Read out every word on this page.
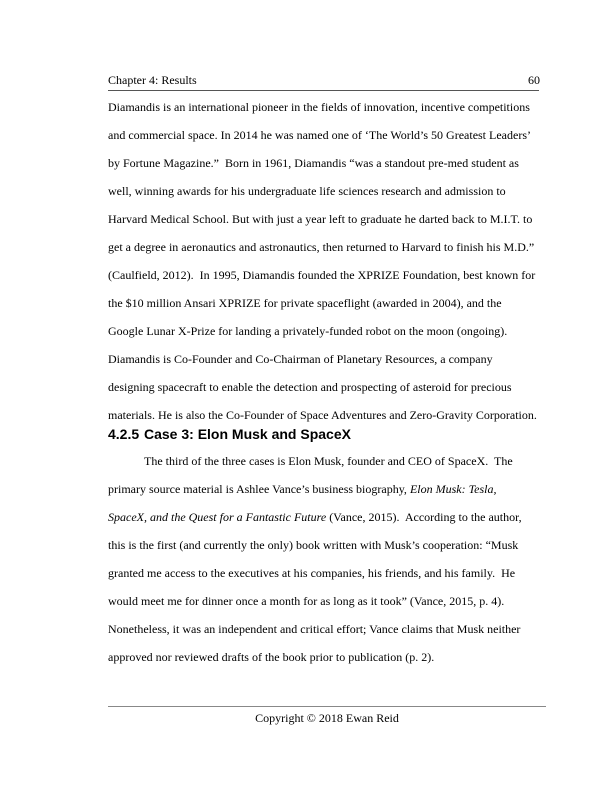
Chapter 4: Results	60
Diamandis is an international pioneer in the fields of innovation, incentive competitions
and commercial space. In 2014 he was named one of ‘The World’s 50 Greatest Leaders’
by Fortune Magazine.”  Born in 1961, Diamandis “was a standout pre-med student as
well, winning awards for his undergraduate life sciences research and admission to
Harvard Medical School. But with just a year left to graduate he darted back to M.I.T. to
get a degree in aeronautics and astronautics, then returned to Harvard to finish his M.D.”
(Caulfield, 2012).  In 1995, Diamandis founded the XPRIZE Foundation, best known for
the $10 million Ansari XPRIZE for private spaceflight (awarded in 2004), and the
Google Lunar X-Prize for landing a privately-funded robot on the moon (ongoing).
Diamandis is Co-Founder and Co-Chairman of Planetary Resources, a company
designing spacecraft to enable the detection and prospecting of asteroid for precious
materials. He is also the Co-Founder of Space Adventures and Zero-Gravity Corporation.
4.2.5 Case 3: Elon Musk and SpaceX
The third of the three cases is Elon Musk, founder and CEO of SpaceX.  The
primary source material is Ashlee Vance’s business biography, Elon Musk: Tesla,
SpaceX, and the Quest for a Fantastic Future (Vance, 2015).  According to the author,
this is the first (and currently the only) book written with Musk’s cooperation: “Musk
granted me access to the executives at his companies, his friends, and his family.  He
would meet me for dinner once a month for as long as it took” (Vance, 2015, p. 4).
Nonetheless, it was an independent and critical effort; Vance claims that Musk neither
approved nor reviewed drafts of the book prior to publication (p. 2).
Copyright © 2018 Ewan Reid
